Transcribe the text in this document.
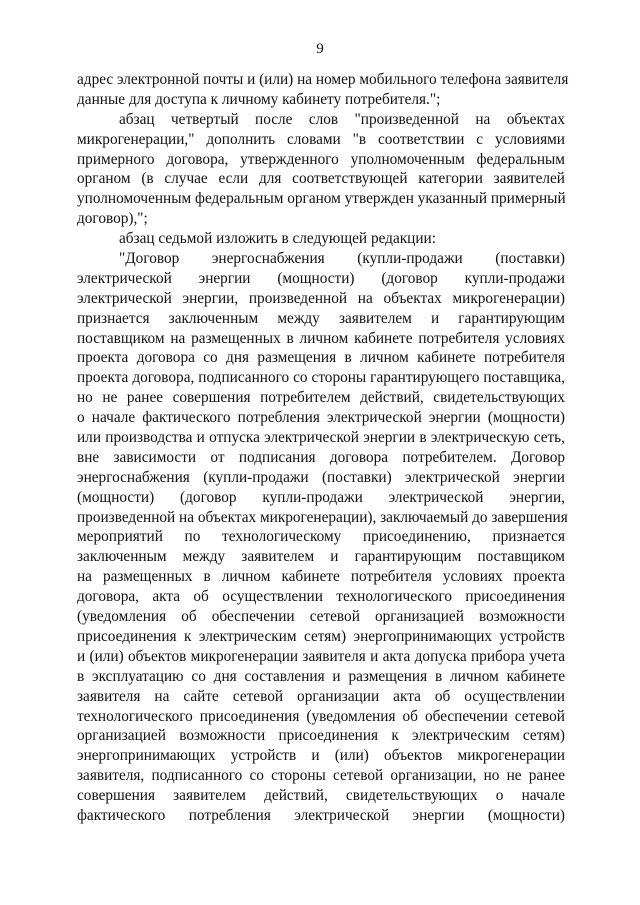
9
адрес электронной почты и (или) на номер мобильного телефона заявителя
данные для доступа к личному кабинету потребителя.";
абзац четвертый после слов "произведенной на объектах
микрогенерации," дополнить словами "в соответствии с условиями
примерного договора, утвержденного уполномоченным федеральным
органом (в случае если для соответствующей категории заявителей
уполномоченным федеральным органом утвержден указанный примерный
договор),";
абзац седьмой изложить в следующей редакции:
"Договор энергоснабжения (купли-продажи (поставки)
электрической энергии (мощности) (договор купли-продажи
электрической энергии, произведенной на объектах микрогенерации)
признается заключенным между заявителем и гарантирующим
поставщиком на размещенных в личном кабинете потребителя условиях
проекта договора со дня размещения в личном кабинете потребителя
проекта договора, подписанного со стороны гарантирующего поставщика,
но не ранее совершения потребителем действий, свидетельствующих
о начале фактического потребления электрической энергии (мощности)
или производства и отпуска электрической энергии в электрическую сеть,
вне зависимости от подписания договора потребителем. Договор
энергоснабжения (купли-продажи (поставки) электрической энергии
(мощности) (договор купли-продажи электрической энергии,
произведенной на объектах микрогенерации), заключаемый до завершения
мероприятий по технологическому присоединению, признается
заключенным между заявителем и гарантирующим поставщиком
на размещенных в личном кабинете потребителя условиях проекта
договора, акта об осуществлении технологического присоединения
(уведомления об обеспечении сетевой организацией возможности
присоединения к электрическим сетям) энергопринимающих устройств
и (или) объектов микрогенерации заявителя и акта допуска прибора учета
в эксплуатацию со дня составления и размещения в личном кабинете
заявителя на сайте сетевой организации акта об осуществлении
технологического присоединения (уведомления об обеспечении сетевой
организацией возможности присоединения к электрическим сетям)
энергопринимающих устройств и (или) объектов микрогенерации
заявителя, подписанного со стороны сетевой организации, но не ранее
совершения заявителем действий, свидетельствующих о начале
фактического потребления электрической энергии (мощности)
